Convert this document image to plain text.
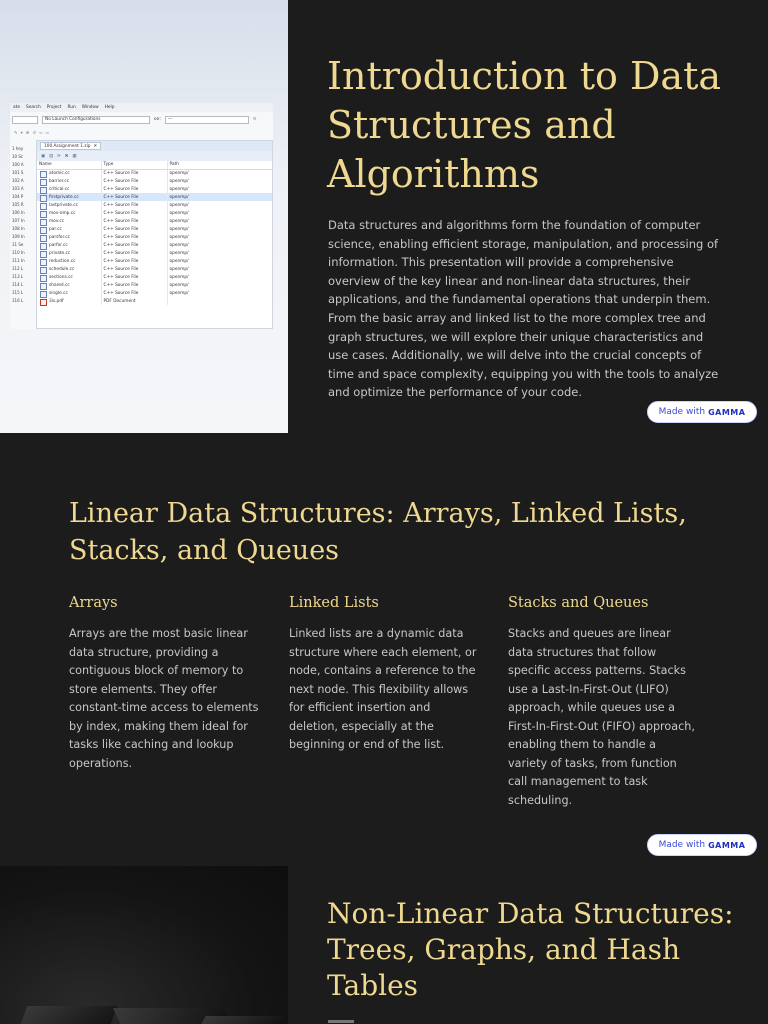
ate Search Project Run Window Help
No Launch Configurations	on:	---	⚙
✎ ▾ ⊕ ↺ ⇦ ⇨
1 hey
10 Sc
100 A
101 S
102 A
103 A
104 P
105 R
106 In
107 In
108 In
109 In
11 Se
110 In
111 In
112 L
113 L
114 L
115 L
116 L
100.Assignment 1.zip ✕
▣ ▤ ⟳ ✖ ▦
Name	Type	Path
atomic.cc	C++ Source File	openmp/
barrier.cc	C++ Source File	openmp/
critical.cc	C++ Source File	openmp/
firstprivate.cc	C++ Source File	openmp/
lastprivate.cc	C++ Source File	openmp/
mov-omp.cc	C++ Source File	openmp/
mov.cc	C++ Source File	openmp/
par.cc	C++ Source File	openmp/
parsfor.cc	C++ Source File	openmp/
parfor.cc	C++ Source File	openmp/
private.cc	C++ Source File	openmp/
reduction.cc	C++ Source File	openmp/
schedule.cc	C++ Source File	openmp/
sections.cc	C++ Source File	openmp/
shared.cc	C++ Source File	openmp/
single.cc	C++ Source File	openmp/
3is.pdf	PDF Document	
Introduction to Data Structures and Algorithms

Data structures and algorithms form the foundation of computer science, enabling efficient storage, manipulation, and processing of information. This presentation will provide a comprehensive overview of the key linear and non-linear data structures, their applications, and the fundamental operations that underpin them. From the basic array and linked list to the more complex tree and graph structures, we will explore their unique characteristics and use cases. Additionally, we will delve into the crucial concepts of time and space complexity, equipping you with the tools to analyze and optimize the performance of your code.

Made with GAMMA
Linear Data Structures: Arrays, Linked Lists, Stacks, and Queues
Arrays

Arrays are the most basic linear data structure, providing a contiguous block of memory to store elements. They offer constant-time access to elements by index, making them ideal for tasks like caching and lookup operations.

Linked Lists

Linked lists are a dynamic data structure where each element, or node, contains a reference to the next node. This flexibility allows for efficient insertion and deletion, especially at the beginning or end of the list.

Stacks and Queues

Stacks and queues are linear data structures that follow specific access patterns. Stacks use a Last-In-First-Out (LIFO) approach, while queues use a First-In-First-Out (FIFO) approach, enabling them to handle a variety of tasks, from function call management to task scheduling.

Made with GAMMA
Non-Linear Data Structures: Trees, Graphs, and Hash Tables
